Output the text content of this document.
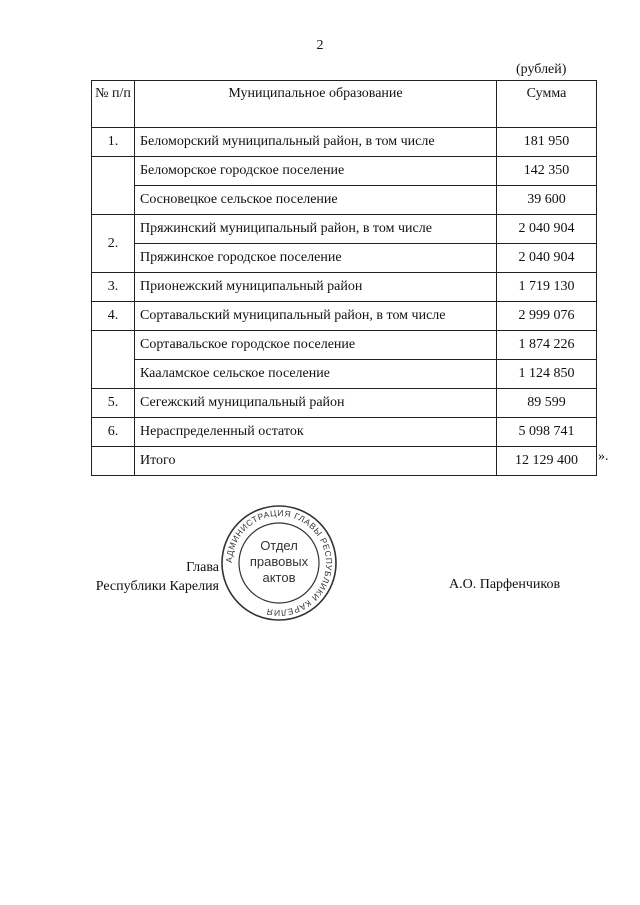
2
(рублей)
№ п/п	Муниципальное образование	Сумма
1.	Беломорский муниципальный район, в том числе	181 950
	Беломорское городское поселение	142 350
	Сосновецкое сельское поселение	39 600
2.	Пряжинский муниципальный район, в том числе	2 040 904
	Пряжинское городское поселение	2 040 904
3.	Прионежский муниципальный район	1 719 130
4.	Сортавальский муниципальный район, в том числе	2 999 076
	Сортавальское городское поселение	1 874 226
	Кааламское сельское поселение	1 124 850
5.	Сегежский муниципальный район	89 599
6.	Нераспределенный остаток	5 098 741
	Итого	12 129 400 ».
Глава
Республики Карелия	А.О. Парфенчиков
АДМИНИСТРАЦИЯ ГЛАВЫ РЕСПУБЛИКИ КАРЕЛИЯ
Отдел
правовых
актов
